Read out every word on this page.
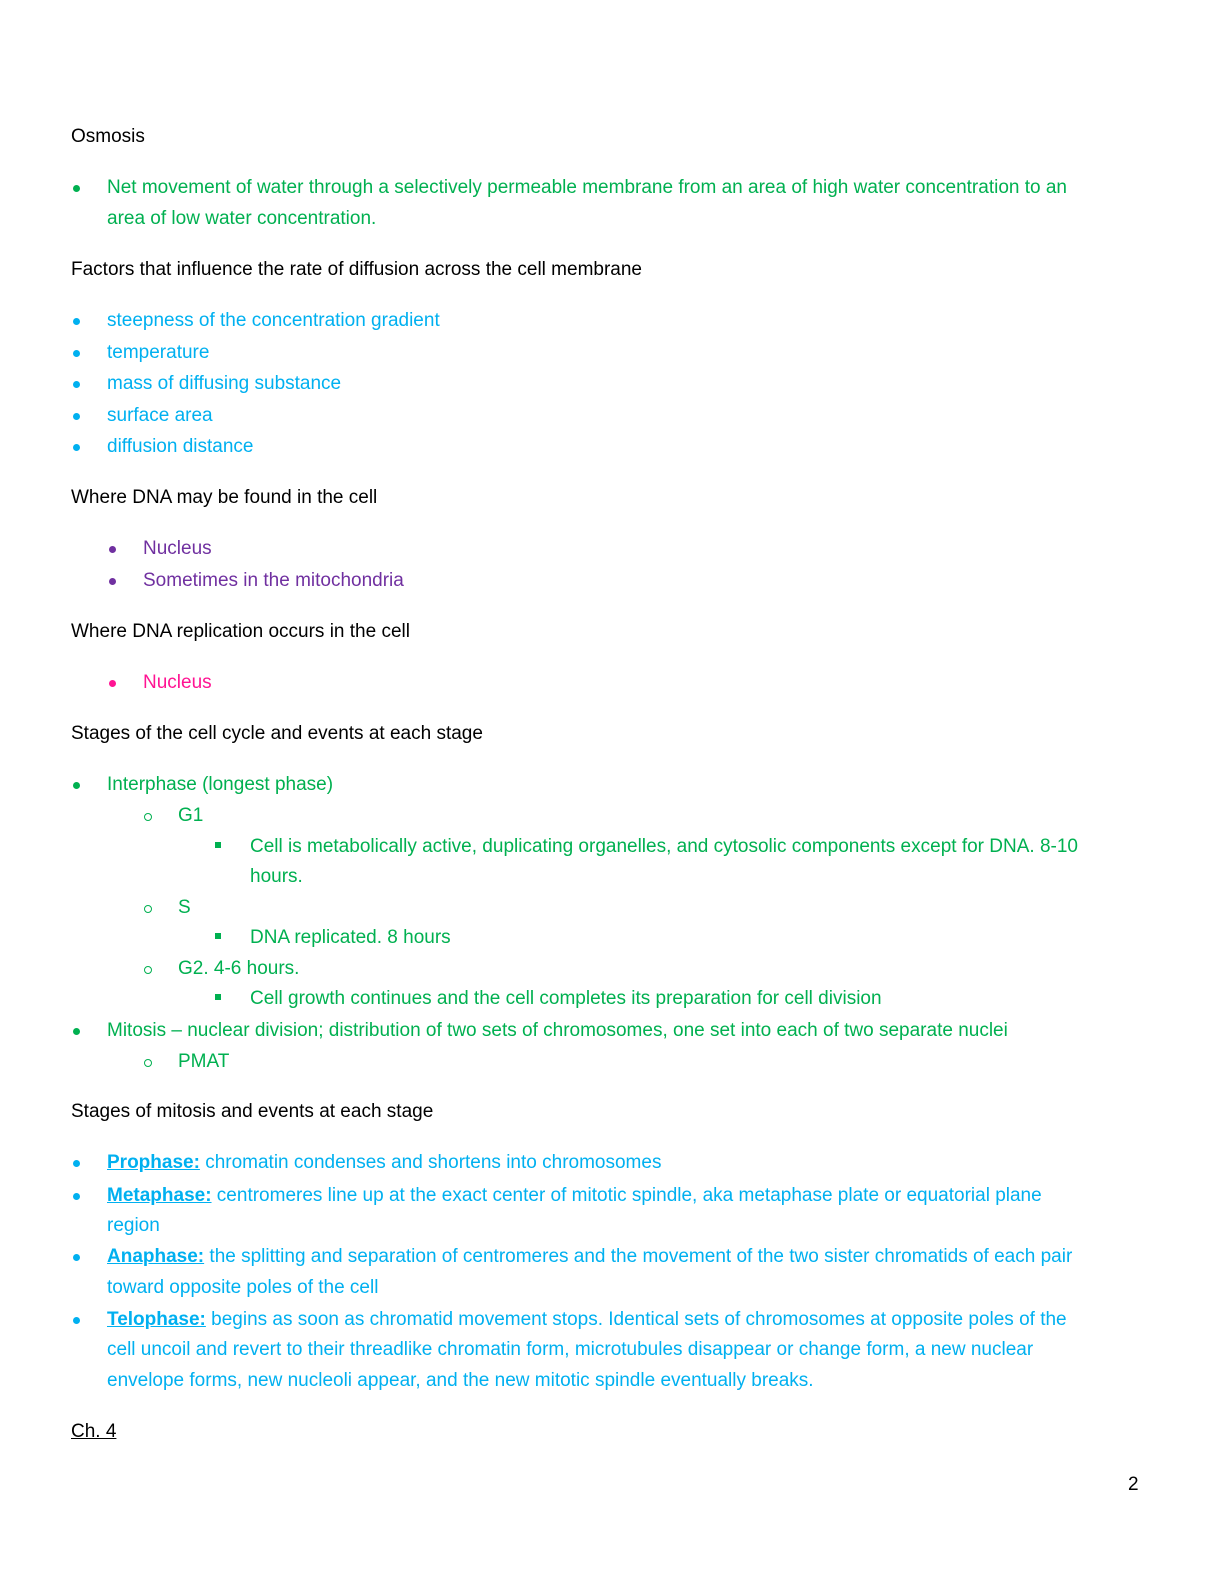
Osmosis
Net movement of water through a selectively permeable membrane from an area of high water concentration to an
area of low water concentration.
Factors that influence the rate of diffusion across the cell membrane
steepness of the concentration gradient
temperature
mass of diffusing substance
surface area
diffusion distance
Where DNA may be found in the cell
Nucleus
Sometimes in the mitochondria
Where DNA replication occurs in the cell
Nucleus
Stages of the cell cycle and events at each stage
Interphase (longest phase)
G1
Cell is metabolically active, duplicating organelles, and cytosolic components except for DNA. 8-10
hours.
S
DNA replicated. 8 hours
G2. 4-6 hours.
Cell growth continues and the cell completes its preparation for cell division
Mitosis – nuclear division; distribution of two sets of chromosomes, one set into each of two separate nuclei
PMAT
Stages of mitosis and events at each stage
Prophase: chromatin condenses and shortens into chromosomes
Metaphase: centromeres line up at the exact center of mitotic spindle, aka metaphase plate or equatorial plane
region
Anaphase: the splitting and separation of centromeres and the movement of the two sister chromatids of each pair
toward opposite poles of the cell
Telophase: begins as soon as chromatid movement stops. Identical sets of chromosomes at opposite poles of the
cell uncoil and revert to their threadlike chromatin form, microtubules disappear or change form, a new nuclear
envelope forms, new nucleoli appear, and the new mitotic spindle eventually breaks.
Ch. 4
2
